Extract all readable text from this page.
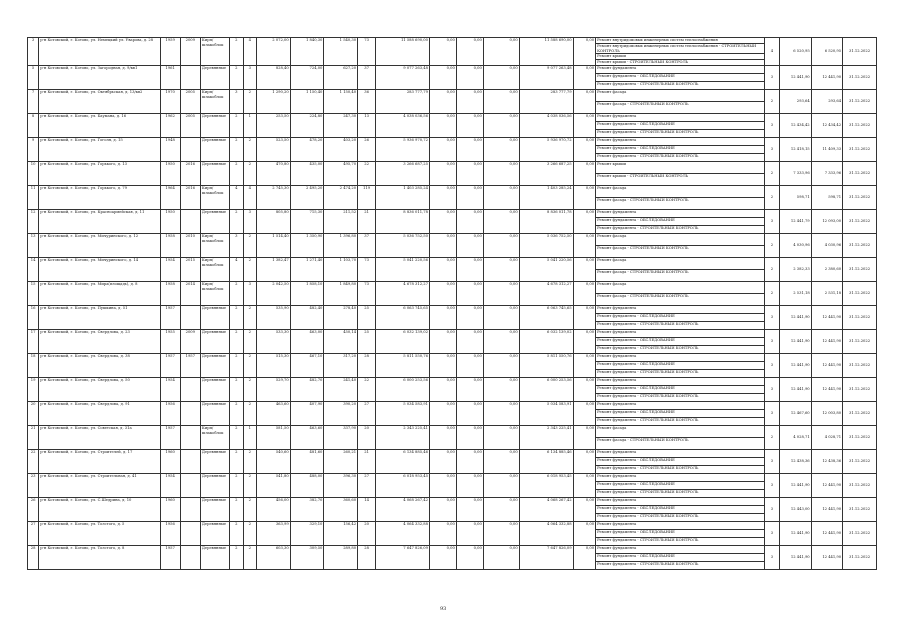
3	р-н Котовский, г. Котово, ул. Немецкий ул. Уварова, д. 28	1959	2009	Кирп/шлакоблок	2	4	2 072,00	1 840,30	1 540,30	73	11 588 690,00	0,00	0,00	0,00	11 588 690,00	0,00	Ремонт внутридомовых инженерных систем теплоснабжения	4	6 520,95	6 520,95	31.12.2022
																	Ремонт внутридомовых инженерных систем теплоснабжения - СТРОИТЕЛЬНЫЙ КОНТРОЛЬ				
																	Ремонт крыши				
																	Ремонт крыши - СТРОИТЕЛЬНЫЙ КОНТРОЛЬ				
5	р-н Котовский, г. Котово, ул. Загородная, д. 9/кв1	1961		Деревянные	2	3	828,40	724,00	627,20	37	9 077 263,48	0,00	0,00	0,00	9 077 263,48	0,00	Ремонт фундамента	3	12 441,90	12 441,90	31.12.2022
																	Ремонт фундамента - ОБСЛЕДОВАНИЕ				
																	Ремонт фундамента - СТРОИТЕЛЬНЫЙ КОНТРОЛЬ				
7	р-н Котовский, г. Котово, ул. Октябрьская, д. 13/кв2	1970	2005	Кирп/шлакоблок	3	2	1 290,20	1 150,40	1 150,40	36	283 777,79	0,00	0,00	0,00	283 777,79	0,00	Ремонт фасада	2	293,64	293,64	31.12.2022
																	Ремонт фасада - СТРОИТЕЛЬНЫЙ КОНТРОЛЬ				
8	р-н Котовский, г. Котово, ул. Баумана, д. 16	1962	2005	Деревянные	2	1	253,50	224,80	247,30	13	4 038 036,56	0,00	0,00	0,00	4 038 036,56	0,00	Ремонт фундамента	3	12 434,42	12 434,42	31.12.2022
																	Ремонт фундамента - ОБСЛЕДОВАНИЕ				
																	Ремонт фундамента - СТРОИТЕЛЬНЫЙ КОНТРОЛЬ				
9	р-н Котовский, г. Котово, ул. Гоголя, д. 15	1948		Деревянные	2	2	523,50	478,20	403,20	26	5 936 970,72	0,00	0,00	0,00	5 936 970,72	0,00	Ремонт фундамента	3	12 418,15	11 409,33	31.12.2022
																	Ремонт фундамента - ОБСЛЕДОВАНИЕ				
																	Ремонт фундамента - СТРОИТЕЛЬНЫЙ КОНТРОЛЬ				
10	р-н Котовский, г. Котово, ул. Горького, д. 13	1950	2016	Деревянные	2	2	470,80	435,00	495,70	22	3 266 687,25	0,00	0,00	0,00	3 266 687,25	0,00	Ремонт крыши	2	7 333,96	7 333,96	31.12.2022
																	Ремонт крыши - СТРОИТЕЛЬНЫЙ КОНТРОЛЬ				
11	р-н Котовский, г. Котово, ул. Горького, д. 79	1964	2016	Кирп/шлакоблок	4	4	2 745,30	2 495,20	2 474,20	119	1 403 285,24	0,00	0,00	0,00	1 403 285,24	0,00	Ремонт фасада	2	598,71	598,71	31.12.2022
																	Ремонт фасада - СТРОИТЕЛЬНЫЙ КОНТРОЛЬ				
12	р-н Котовский, г. Котово, ул. Красноармейская, д. 11	1950		Деревянные	2	3	805,80	715,30	211,52	21	8 836 011,78	0,00	0,00	0,00	8 836 011,78	0,00	Ремонт фундамента	3	12 441,79	12 093,00	31.12.2022
																	Ремонт фундамента - ОБСЛЕДОВАНИЕ				
																	Ремонт фундамента - СТРОИТЕЛЬНЫЙ КОНТРОЛЬ				
13	р-н Котовский, г. Котово, ул. Мичуринского, д. 12	1958	2010	Кирп/шлакоблок	3	2	1 514,40	1 350,90	1 396,80	37	5 036 752,50	0,00	0,00	0,00	5 036 752,50	0,00	Ремонт фасада	2	4 030,96	4 030,96	31.12.2022
																	Ремонт фасада - СТРОИТЕЛЬНЫЙ КОНТРОЛЬ				
14	р-н Котовский, г. Котово, ул. Мичуринского, д. 14	1954	2015	Кирп/шлакоблок	4	2	1 382,47	1 271,40	1 103,70	73	5 041 220,56	0,00	0,00	0,00	5 041 220,56	0,00	Ремонт фасада	2	2 382,33	2 380,60	31.12.2022
																	Ремонт фасада - СТРОИТЕЛЬНЫЙ КОНТРОЛЬ				
15	р-н Котовский, г. Котово, ул. Мира(площадь), д. 8	1958	2014	Кирп/шлакоблок	2	3	2 042,50	1 858,10	1 849,80	73	4 678 312,27	0,00	0,00	0,00	4 678 312,27	0,00	Ремонт фасада	2	2 531,18	2 531,18	31.12.2022
																	Ремонт фасада - СТРОИТЕЛЬНЫЙ КОНТРОЛЬ				
16	р-н Котовский, г. Котово, ул. Пушкина, д. 51	1957		Деревянные	2	2	535,90	482,40	278,40	25	6 063 745,65	0,00	0,00	0,00	6 063 745,65	0,00	Ремонт фундамента	3	12 441,90	12 441,90	31.12.2022
																	Ремонт фундамента - ОБСЛЕДОВАНИЕ				
																	Ремонт фундамента - СТРОИТЕЛЬНЫЙ КОНТРОЛЬ				
17	р-н Котовский, г. Котово, ул. Свердлова, д. 23	1955	2009	Деревянные	2	2	533,30	463,00	450,14	25	6 032 139,02	0,00	0,00	0,00	6 032 139,02	0,00	Ремонт фундамента	3	12 441,90	12 441,90	31.12.2022
																	Ремонт фундамента - ОБСЛЕДОВАНИЕ				
																	Ремонт фундамента - СТРОИТЕЛЬНЫЙ КОНТРОЛЬ				
18	р-н Котовский, г. Котово, ул. Свердлова, д. 38	1957	1957	Деревянные	2	2	515,30	467,10	317,20	28	5 811 550,76	0,00	0,00	0,00	5 811 550,76	0,00	Ремонт фундамента	3	12 441,90	12 441,90	31.12.2022
																	Ремонт фундамента - ОБСЛЕДОВАНИЕ				
																	Ремонт фундамента - СТРОИТЕЛЬНЫЙ КОНТРОЛЬ				
19	р-н Котовский, г. Котово, ул. Свердлова, д. 50	1954		Деревянные	2	2	529,70	482,70	241,40	22	6 000 253,56	0,00	0,00	0,00	6 000 253,56	0,00	Ремонт фундамента	3	12 441,90	12 441,90	31.12.2022
																	Ремонт фундамента - ОБСЛЕДОВАНИЕ				
																	Ремонт фундамента - СТРОИТЕЛЬНЫЙ КОНТРОЛЬ				
20	р-н Котовский, г. Котово, ул. Свердлова, д. 91	1956		Деревянные	2	2	463,60	407,90	390,20	27	5 034 583,91	0,00	0,00	0,00	5 034 583,91	0,00	Ремонт фундамента	3	12 467,60	12 003,80	31.12.2022
																	Ремонт фундамента - ОБСЛЕДОВАНИЕ				
																	Ремонт фундамента - СТРОИТЕЛЬНЫЙ КОНТРОЛЬ				
21	р-н Котовский, г. Котово, ул. Советская, д. 31а	1957		Кирп/шлакоблок	2	1	581,50	463,60	337,90	20	2 343 225,41	0,00	0,00	0,00	2 343 225,41	0,00	Ремонт фасада	2	4 028,71	4 028,71	31.12.2022
																	Ремонт фасада - СТРОИТЕЛЬНЫЙ КОНТРОЛЬ				
22	р-н Котовский, г. Котово, ул. Строителей, д. 17	1960		Деревянные	2	2	540,60	481,60	260,21	21	6 134 885,46	0,00	0,00	0,00	6 134 885,46	0,00	Ремонт фундамента	3	12 438,36	12 438,36	31.12.2022
																	Ремонт фундамента - ОБСЛЕДОВАНИЕ				
																	Ремонт фундамента - СТРОИТЕЛЬНЫЙ КОНТРОЛЬ				
23	р-н Котовский, г. Котово, ул. Строительная, д. 41	1954		Деревянные	2	2	541,80	488,00	396,30	27	6 018 953,45	0,00	0,00	0,00	6 018 953,45	0,00	Ремонт фундамента	3	12 441,90	12 441,90	31.12.2022
																	Ремонт фундамента - ОБСЛЕДОВАНИЕ				
																	Ремонт фундамента - СТРОИТЕЛЬНЫЙ КОНТРОЛЬ				
26	р-н Котовский, г. Котово, ул. С.Шедрина, д. 10	1960		Деревянные	2	2	456,00	382,70	360,60	14	4 068 267,42	0,00	0,00	0,00	4 068 267,42	0,00	Ремонт фундамента	3	12 443,00	12 441,90	31.12.2022
																	Ремонт фундамента - ОБСЛЕДОВАНИЕ				
																	Ремонт фундамента - СТРОИТЕЛЬНЫЙ КОНТРОЛЬ				
27	р-н Котовский, г. Котово, ул. Толстого, д. 5	1956		Деревянные	2	2	363,99	329,10	156,42	20	4 064 332,88	0,00	0,00	0,00	4 064 332,88	0,00	Ремонт фундамента	3	12 441,90	12 441,90	31.12.2022
																	Ремонт фундамента - ОБСЛЕДОВАНИЕ				
																	Ремонт фундамента - СТРОИТЕЛЬНЫЙ КОНТРОЛЬ				
28	р-н Котовский, г. Котово, ул. Толстого, д. 8	1957		Деревянные	2	2	603,30	309,50	289,80	28	7 647 826,09	0,00	0,00	0,00	7 647 826,09	0,00	Ремонт фундамента	3	12 441,90	12 441,90	31.12.2022
																	Ремонт фундамента - ОБСЛЕДОВАНИЕ				
																	Ремонт фундамента - СТРОИТЕЛЬНЫЙ КОНТРОЛЬ				
93
